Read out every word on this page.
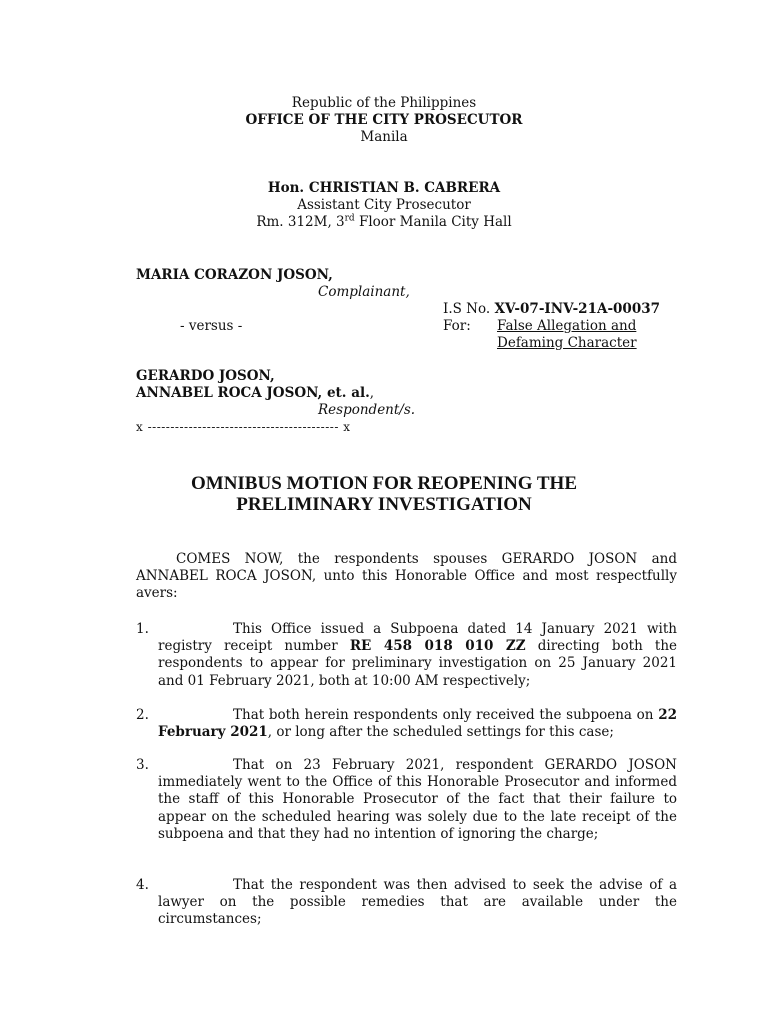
Republic of the Philippines
OFFICE OF THE CITY PROSECUTOR
Manila
Hon. CHRISTIAN B. CABRERA
Assistant City Prosecutor
Rm. 312M, 3rd Floor Manila City Hall
MARIA CORAZON JOSON,
Complainant,
I.S No. XV-07-INV-21A-00037
- versus -	For: False Allegation and
Defaming Character
GERARDO JOSON,
ANNABEL ROCA JOSON, et. al.,
Respondent/s.
x ------------------------------------------ x
OMNIBUS MOTION FOR REOPENING THE
PRELIMINARY INVESTIGATION
COMES NOW, the respondents spouses GERARDO JOSON and ANNABEL ROCA JOSON, unto this Honorable Office and most respectfully avers:
1.	This Office issued a Subpoena dated 14 January 2021 with registry receipt number RE 458 018 010 ZZ directing both the respondents to appear for preliminary investigation on 25 January 2021 and 01 February 2021, both at 10:00 AM respectively;
2.	That both herein respondents only received the subpoena on 22 February 2021, or long after the scheduled settings for this case;
3.	That on 23 February 2021, respondent GERARDO JOSON immediately went to the Office of this Honorable Prosecutor and informed the staff of this Honorable Prosecutor of the fact that their failure to appear on the scheduled hearing was solely due to the late receipt of the subpoena and that they had no intention of ignoring the charge;
4.	That the respondent was then advised to seek the advise of a lawyer on the possible remedies that are available under the circumstances;
